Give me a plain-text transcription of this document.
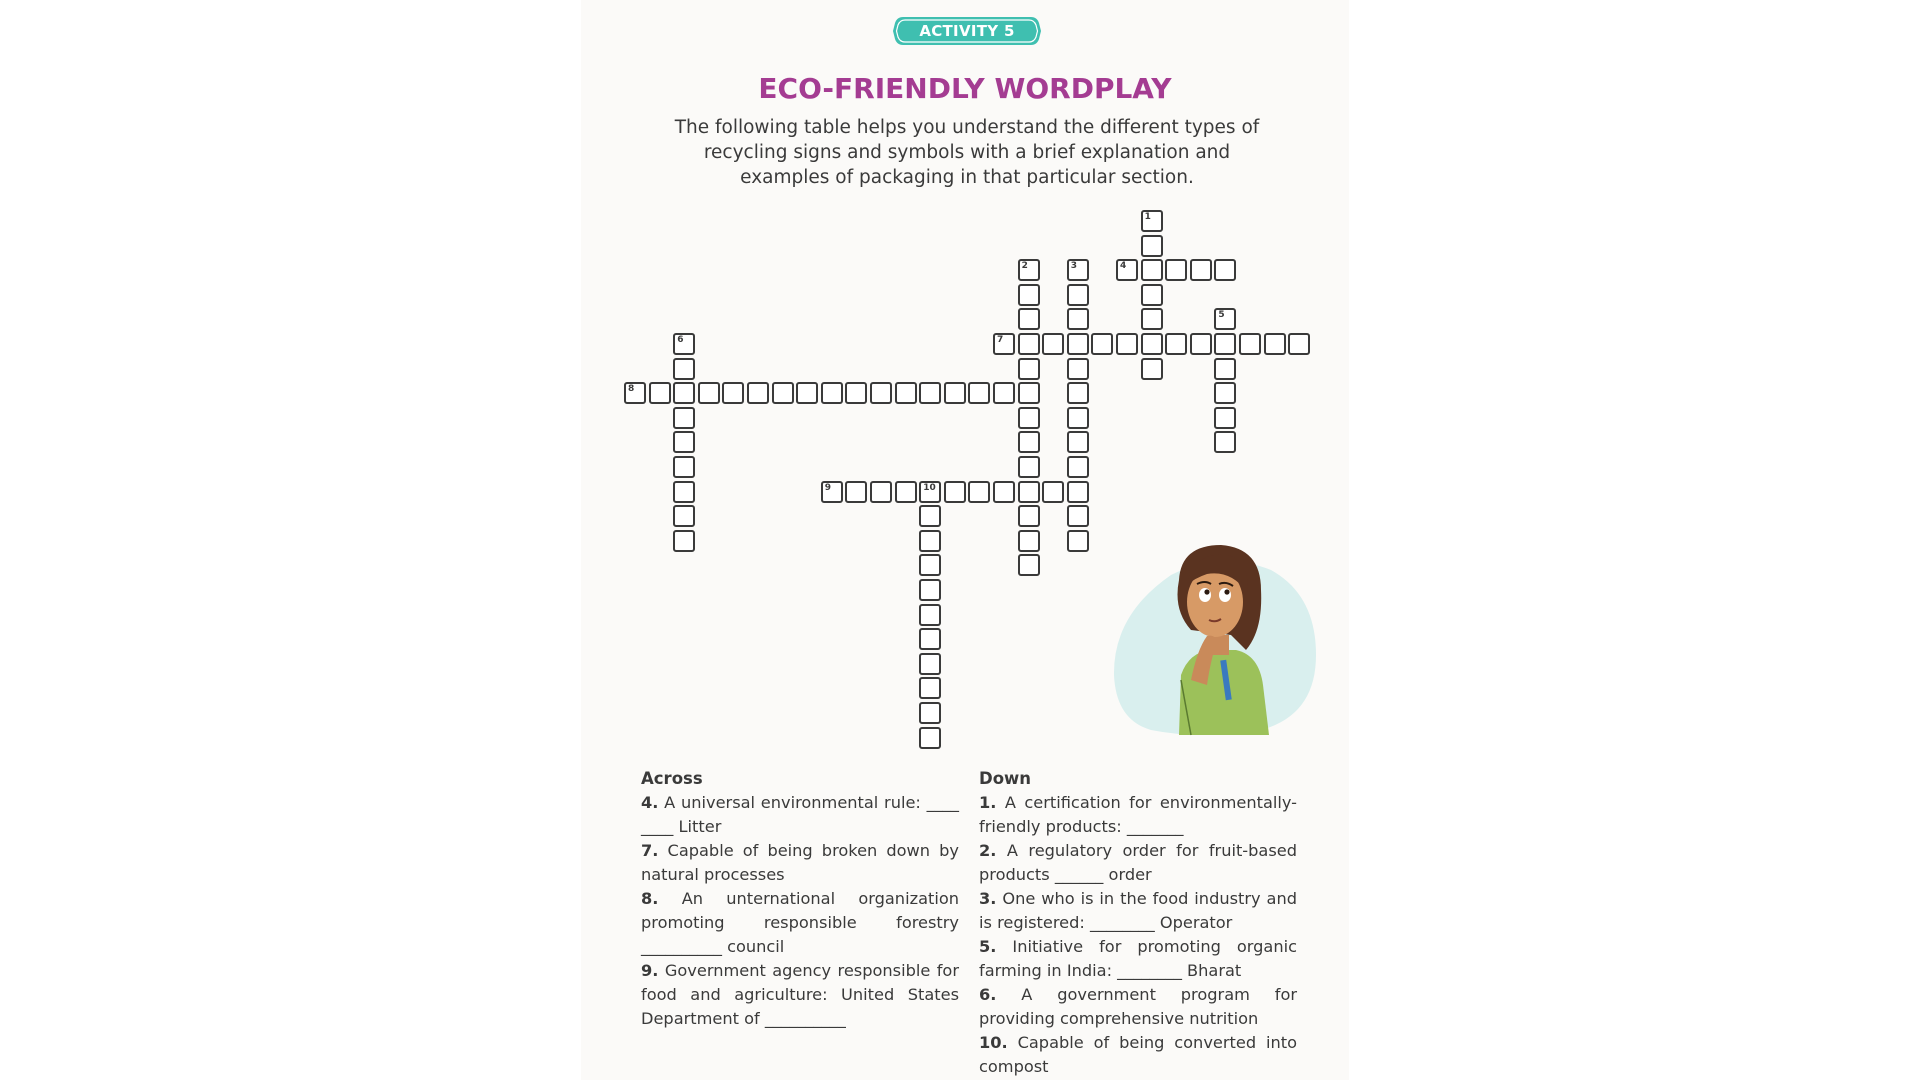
ACTIVITY 5
ECO-FRIENDLY WORDPLAY
The following table helps you understand the different types of recycling signs and symbols with a brief explanation and examples of packaging in that particular section.
4
7
8
9	10
1
2	3
5
6
Across

4. A universal environmental rule: ____ ____ Litter

7. Capable of being broken down by natural processes

8. An unternational organization promoting responsible forestry __________ council

9. Government agency responsible for food and agriculture: United States Department of __________

Down

1. A certification for environmentally-friendly products: _______

2. A regulatory order for fruit-based products ______ order

3. One who is in the food industry and is registered: ________ Operator

5. Initiative for promoting organic farming in India: ________ Bharat

6. A government program for providing comprehensive nutrition

10. Capable of being converted into compost
